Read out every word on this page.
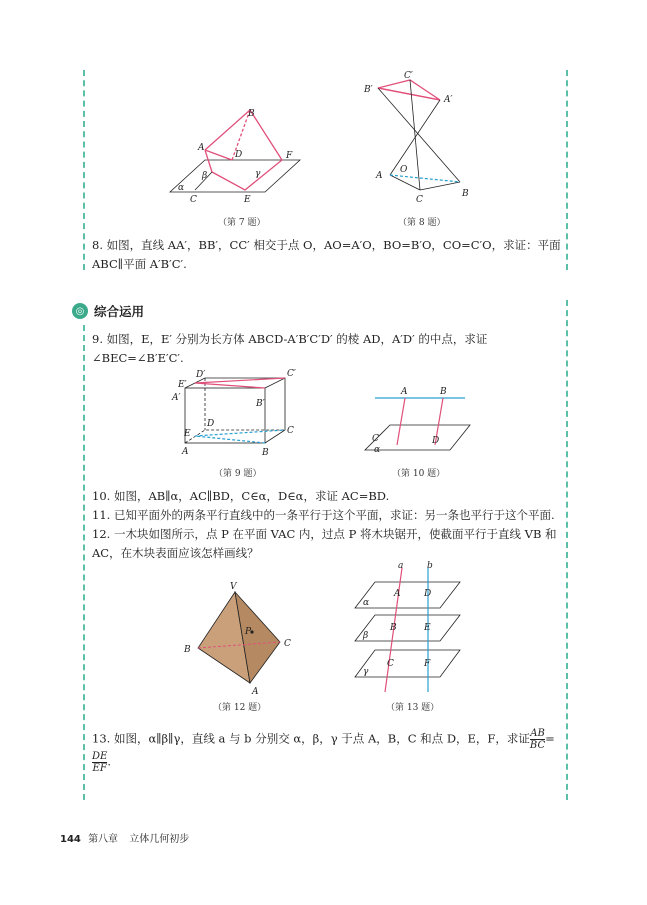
B
A
D	F
β	γ
α
C	E
（第 7 题）
C′
B′
A′
O
A
C
B
（第 8 题）
8. 如图，直线 AA′，BB′，CC′ 相交于点 O，AO=A′O，BO=B′O，CO=C′O，求证：平面 ABC∥平面 A′B′C′.
◎ 综合运用
9. 如图，E，E′ 分别为长方体 ABCD-A′B′C′D′ 的棱 AD，A′D′ 的中点，求证∠BEC=∠B′E′C′.
D′	C′
E′
A′
B′
D
E	C
A	B
（第 9 题）
A	B
C	D
α
（第 10 题）
10. 如图，AB∥α，AC∥BD，C∈α，D∈α，求证 AC=BD.
11. 已知平面外的两条平行直线中的一条平行于这个平面，求证：另一条也平行于这个平面.
12. 一木块如图所示，点 P 在平面 VAC 内，过点 P 将木块锯开，使截面平行于直线 VB 和 AC，在木块表面应该怎样画线？
V
P
C
B
A
（第 12 题）
a	b
A	D
α
B	E
β
C	F
γ
（第 13 题）
13. 如图，α∥β∥γ，直线 a 与 b 分别交 α，β，γ 于点 A，B，C 和点 D，E，F，求证 $\frac{AB}{BC}$ =
$\frac{DE}{EF}$ .
144 第八章 立体几何初步
